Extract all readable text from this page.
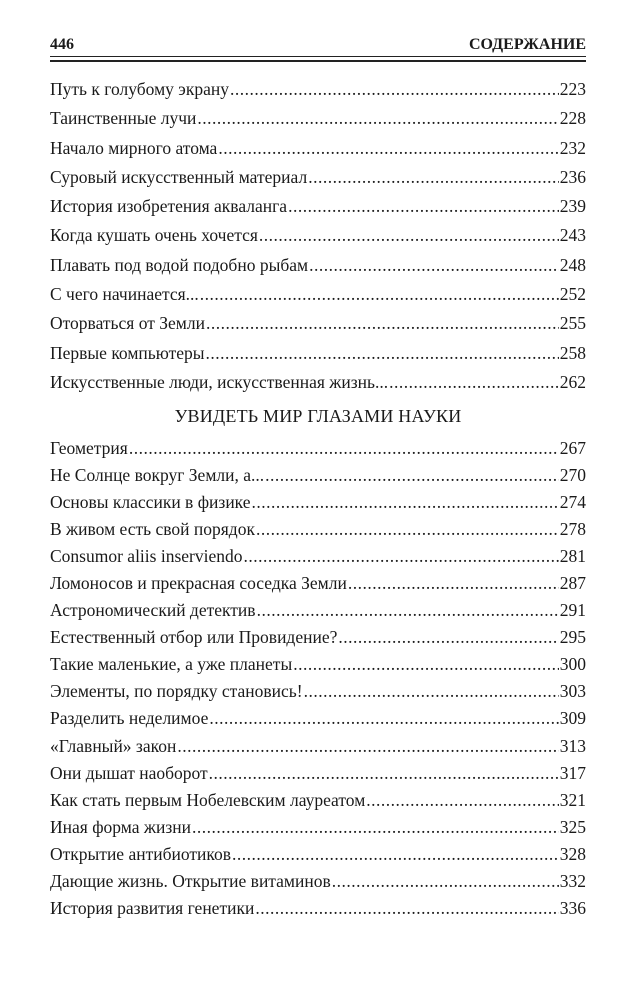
446	СОДЕРЖАНИЕ
Путь к голубому экрану .....	223
Таинственные лучи .....	228
Начало мирного атома .....	232
Суровый искусственный материал .....	236
История изобретения акваланга .....	239
Когда кушать очень хочется .....	243
Плавать под водой подобно рыбам .....	248
С чего начинается... .....	252
Оторваться от Земли .....	255
Первые компьютеры .....	258
Искусственные люди, искусственная жизнь... .....	262
УВИДЕТЬ МИР ГЛАЗАМИ НАУКИ
Геометрия .....	267
Не Солнце вокруг Земли, а... .....	270
Основы классики в физике .....	274
В живом есть свой порядок .....	278
Consumor aliis inserviendo .....	281
Ломоносов и прекрасная соседка Земли .....	287
Астрономический детектив .....	291
Естественный отбор или Провидение? .....	295
Такие маленькие, а уже планеты .....	300
Элементы, по порядку становись! .....	303
Разделить неделимое .....	309
«Главный» закон .....	313
Они дышат наоборот .....	317
Как стать первым Нобелевским лауреатом .....	321
Иная форма жизни .....	325
Открытие антибиотиков .....	328
Дающие жизнь. Открытие витаминов .....	332
История развития генетики .....	336
